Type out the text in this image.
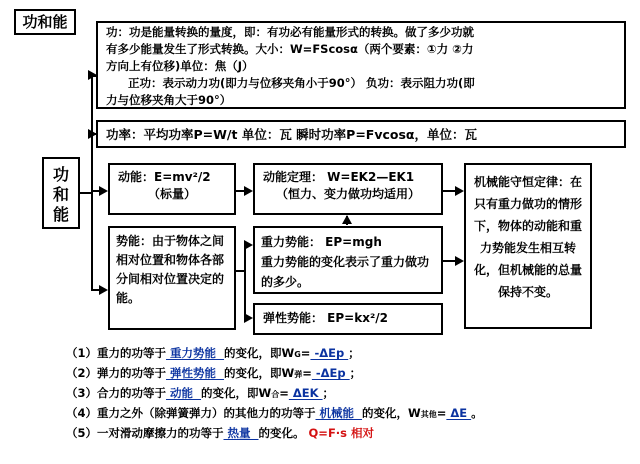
功和能
功：功是能量转换的量度，即：有功必有能量形式的转换。做了多少功就
有多少能量发生了形式转换。大小：W=FScosα（两个要素：①力 ②力
方向上有位移)单位：焦（J）
正功：表示动力功(即力与位移夹角小于90°） 负功：表示阻力功(即
力与位移夹角大于90°）
功率：平均功率P=W/t 单位：瓦 瞬时功率P=Fvcosα，单位：瓦
功
和
能
动能：E=mv²/2
（标量）
势能：由于物体之间相对位置和物体各部分间相对位置决定的能。
动能定理： W=EK2—EK1
（恒力、变力做功均适用）
重力势能： EP=mgh
重力势能的变化表示了重力做功的多少。
弹性势能： EP=kx²/2
机械能守恒定律：在只有重力做功的情形下，物体的动能和重力势能发生相互转化，但机械能的总量保持不变。
（1）重力的功等于 重力势能  的变化，即WG= -ΔEp ；
（2）弹力的功等于 弹性势能  的变化，即W弹= -ΔEp ；
（3）合力的功等于 动能  的变化，即W合= ΔEK ；
（4）重力之外（除弹簧弹力）的其他力的功等于 机械能  的变化，W其他= ΔE 。
（5）一对滑动摩擦力的功等于 热量  的变化。 Q=F·s 相对
